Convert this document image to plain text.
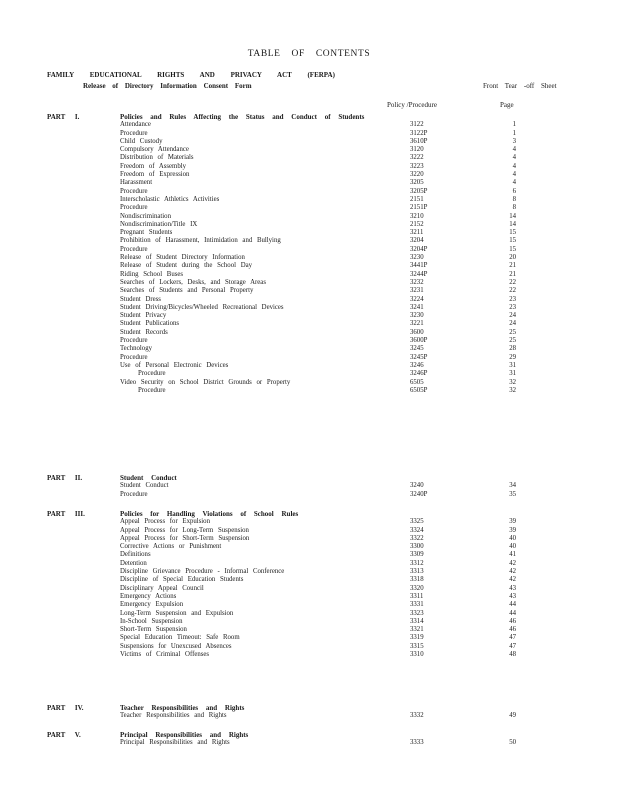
TABLE OF CONTENTS
FAMILY EDUCATIONAL RIGHTS AND PRIVACY ACT (FERPA)
Release of Directory Information Consent Form	Front Tear -off Sheet
Policy /Procedure	Page
PART I.	Policies and Rules Affecting the Status and Conduct of Students
Attendance	3122	1
Procedure	3122P	1
Child Custody	3610P	3
Compulsory Attendance	3120	4
Distribution of Materials	3222	4
Freedom of Assembly	3223	4
Freedom of Expression	3220	4
Harassment	3205	4
Procedure	3205P	6
Interscholastic Athletics Activities	2151	8
Procedure	2151P	8
Nondiscrimination	3210	14
Nondiscrimination/Title IX	2152	14
Pregnant Students	3211	15
Prohibition of Harassment, Intimidation and Bullying	3204	15
Procedure	3204P	15
Release of Student Directory Information	3230	20
Release of Student during the School Day	3441P	21
Riding School Buses	3244P	21
Searches of Lockers, Desks, and Storage Areas	3232	22
Searches of Students and Personal Property	3231	22
Student Dress	3224	23
Student Driving/Bicycles/Wheeled Recreational Devices	3241	23
Student Privacy	3230	24
Student Publications	3221	24
Student Records	3600	25
Procedure	3600P	25
Technology	3245	28
Procedure	3245P	29
Use of Personal Electronic Devices	3246	31
Procedure	3246P	31
Video Security on School District Grounds or Property	6505	32
Procedure	6505P	32
PART II.	Student Conduct
Student Conduct	3240	34
Procedure	3240P	35
PART III.	Policies for Handling Violations of School Rules
Appeal Process for Expulsion	3325	39
Appeal Process for Long-Term Suspension	3324	39
Appeal Process for Short-Term Suspension	3322	40
Corrective Actions or Punishment	3300	40
Definitions	3309	41
Detention	3312	42
Discipline Grievance Procedure - Informal Conference	3313	42
Discipline of Special Education Students	3318	42
Disciplinary Appeal Council	3320	43
Emergency Actions	3311	43
Emergency Expulsion	3331	44
Long-Term Suspension and Expulsion	3323	44
In-School Suspension	3314	46
Short-Term Suspension	3321	46
Special Education Timeout: Safe Room	3319	47
Suspensions for Unexcused Absences	3315	47
Victims of Criminal Offenses	3310	48
PART IV.	Teacher Responsibilities and Rights
Teacher Responsibilities and Rights	3332	49
PART V.	Principal Responsibilities and Rights
Principal Responsibilities and Rights	3333	50
